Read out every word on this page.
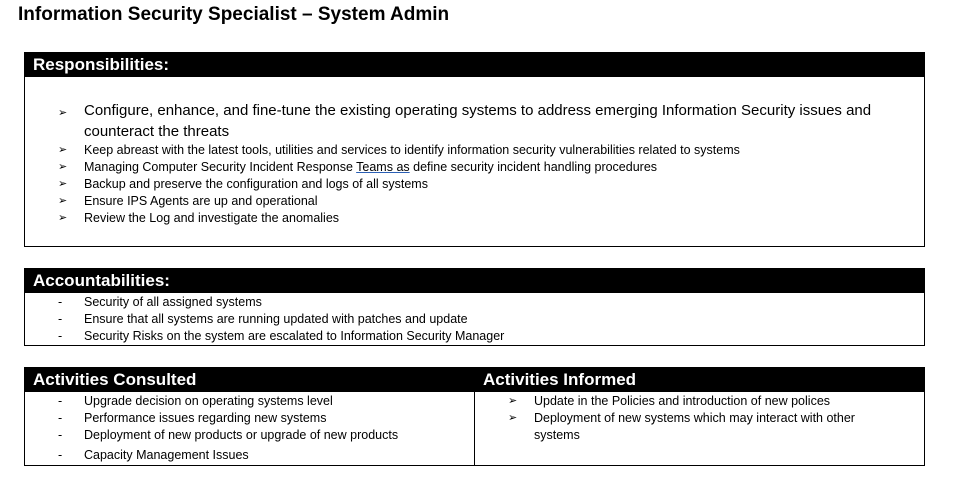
Information Security Specialist – System Admin
Responsibilities:
➢ Configure, enhance, and fine-tune the existing operating systems to address emerging Information Security issues and counteract the threats
➢ Keep abreast with the latest tools, utilities and services to identify information security vulnerabilities related to systems
➢ Managing Computer Security Incident Response Teams as define security incident handling procedures
➢ Backup and preserve the configuration and logs of all systems
➢ Ensure IPS Agents are up and operational
➢ Review the Log and investigate the anomalies
Accountabilities:
- Security of all assigned systems
- Ensure that all systems are running updated with patches and update
- Security Risks on the system are escalated to Information Security Manager
Activities Consulted
- Upgrade decision on operating systems level
- Performance issues regarding new systems
- Deployment of new products or upgrade of new products
- Capacity Management Issues
Activities Informed
➢ Update in the Policies and introduction of new polices
➢ Deployment of new systems which may interact with other systems
